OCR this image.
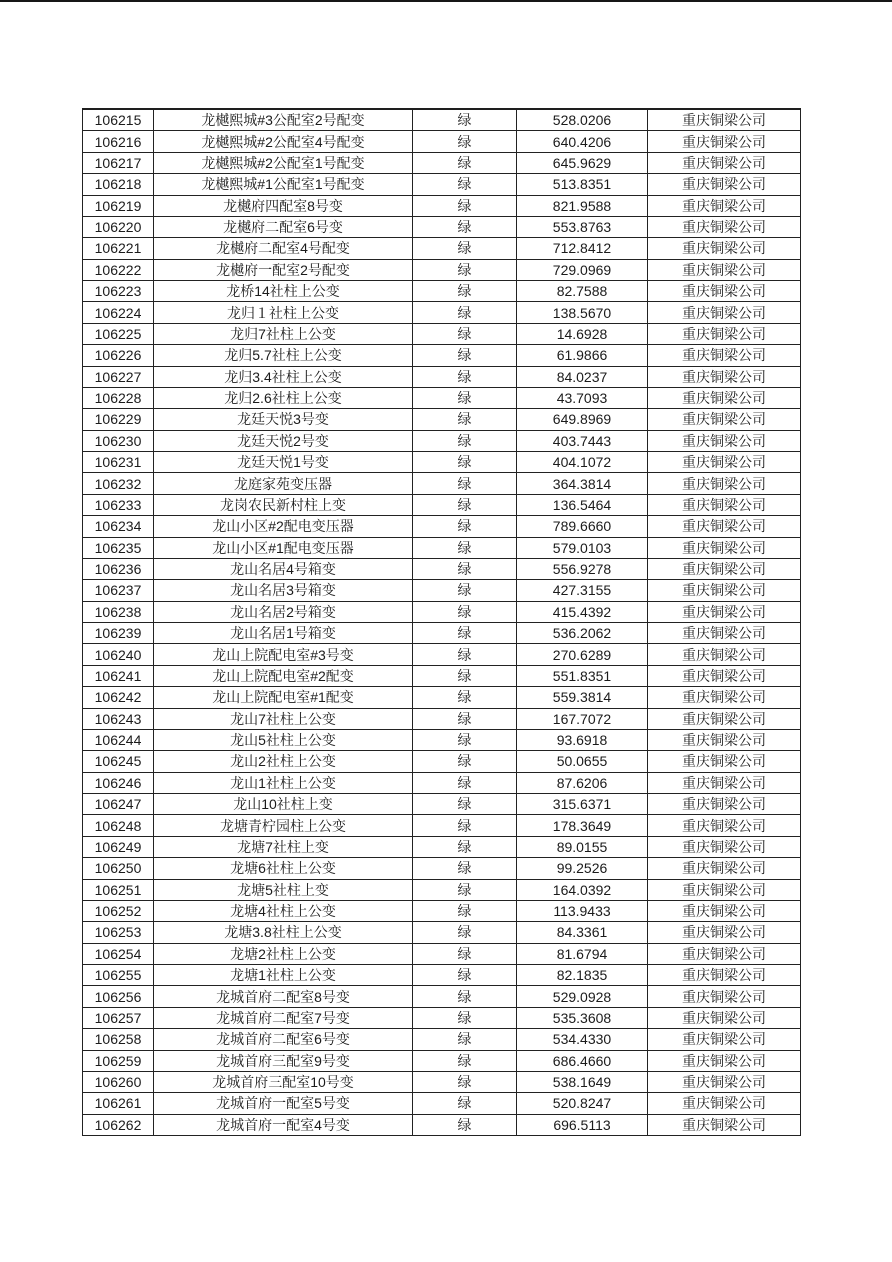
106215	龙樾熙城#3公配室2号配变	绿	528.0206	重庆铜梁公司
106216	龙樾熙城#2公配室4号配变	绿	640.4206	重庆铜梁公司
106217	龙樾熙城#2公配室1号配变	绿	645.9629	重庆铜梁公司
106218	龙樾熙城#1公配室1号配变	绿	513.8351	重庆铜梁公司
106219	龙樾府四配室8号变	绿	821.9588	重庆铜梁公司
106220	龙樾府二配室6号变	绿	553.8763	重庆铜梁公司
106221	龙樾府二配室4号配变	绿	712.8412	重庆铜梁公司
106222	龙樾府一配室2号配变	绿	729.0969	重庆铜梁公司
106223	龙桥14社柱上公变	绿	82.7588	重庆铜梁公司
106224	龙归１社柱上公变	绿	138.5670	重庆铜梁公司
106225	龙归7社柱上公变	绿	14.6928	重庆铜梁公司
106226	龙归5.7社柱上公变	绿	61.9866	重庆铜梁公司
106227	龙归3.4社柱上公变	绿	84.0237	重庆铜梁公司
106228	龙归2.6社柱上公变	绿	43.7093	重庆铜梁公司
106229	龙廷天悦3号变	绿	649.8969	重庆铜梁公司
106230	龙廷天悦2号变	绿	403.7443	重庆铜梁公司
106231	龙廷天悦1号变	绿	404.1072	重庆铜梁公司
106232	龙庭家苑变压器	绿	364.3814	重庆铜梁公司
106233	龙岗农民新村柱上变	绿	136.5464	重庆铜梁公司
106234	龙山小区#2配电变压器	绿	789.6660	重庆铜梁公司
106235	龙山小区#1配电变压器	绿	579.0103	重庆铜梁公司
106236	龙山名居4号箱变	绿	556.9278	重庆铜梁公司
106237	龙山名居3号箱变	绿	427.3155	重庆铜梁公司
106238	龙山名居2号箱变	绿	415.4392	重庆铜梁公司
106239	龙山名居1号箱变	绿	536.2062	重庆铜梁公司
106240	龙山上院配电室#3号变	绿	270.6289	重庆铜梁公司
106241	龙山上院配电室#2配变	绿	551.8351	重庆铜梁公司
106242	龙山上院配电室#1配变	绿	559.3814	重庆铜梁公司
106243	龙山7社柱上公变	绿	167.7072	重庆铜梁公司
106244	龙山5社柱上公变	绿	93.6918	重庆铜梁公司
106245	龙山2社柱上公变	绿	50.0655	重庆铜梁公司
106246	龙山1社柱上公变	绿	87.6206	重庆铜梁公司
106247	龙山10社柱上变	绿	315.6371	重庆铜梁公司
106248	龙塘青柠园柱上公变	绿	178.3649	重庆铜梁公司
106249	龙塘7社柱上变	绿	89.0155	重庆铜梁公司
106250	龙塘6社柱上公变	绿	99.2526	重庆铜梁公司
106251	龙塘5社柱上变	绿	164.0392	重庆铜梁公司
106252	龙塘4社柱上公变	绿	113.9433	重庆铜梁公司
106253	龙塘3.8社柱上公变	绿	84.3361	重庆铜梁公司
106254	龙塘2社柱上公变	绿	81.6794	重庆铜梁公司
106255	龙塘1社柱上公变	绿	82.1835	重庆铜梁公司
106256	龙城首府二配室8号变	绿	529.0928	重庆铜梁公司
106257	龙城首府二配室7号变	绿	535.3608	重庆铜梁公司
106258	龙城首府二配室6号变	绿	534.4330	重庆铜梁公司
106259	龙城首府三配室9号变	绿	686.4660	重庆铜梁公司
106260	龙城首府三配室10号变	绿	538.1649	重庆铜梁公司
106261	龙城首府一配室5号变	绿	520.8247	重庆铜梁公司
106262	龙城首府一配室4号变	绿	696.5113	重庆铜梁公司
